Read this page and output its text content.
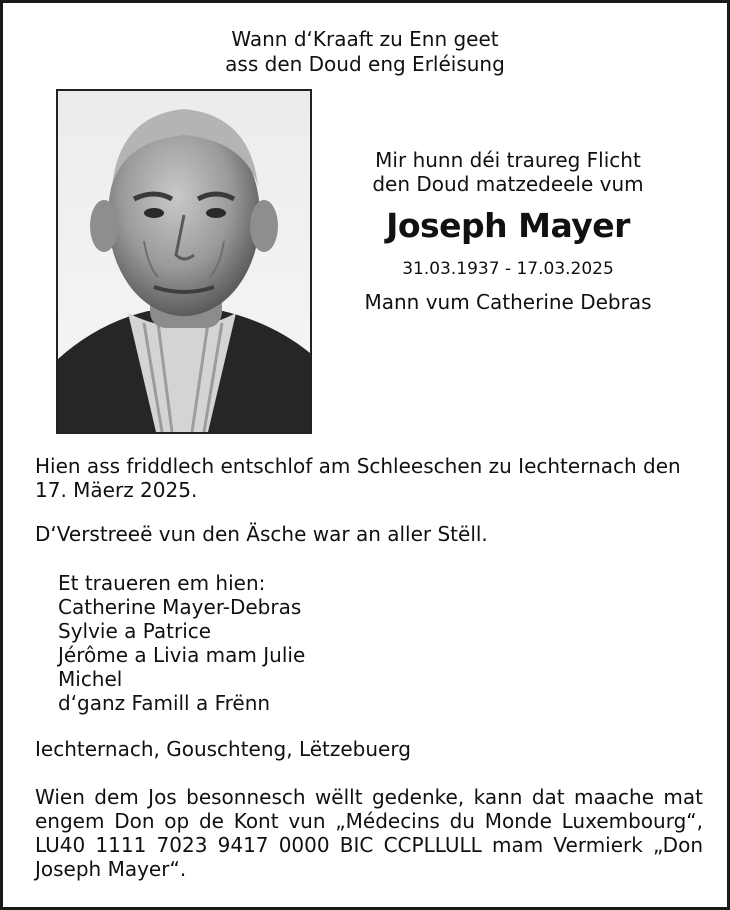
Wann d‘Kraaft zu Enn geet
ass den Doud eng Erléisung
Mir hunn déi traureg Flicht
den Doud matzedeele vum
Joseph Mayer
31.03.1937 - 17.03.2025
Mann vum Catherine Debras
Hien ass friddlech entschlof am Schleeschen zu Iechternach den 17. Mäerz 2025.
D‘Verstreeë vun den Äsche war an aller Stëll.
Et traueren em hien:
Catherine Mayer-Debras
Sylvie a Patrice
Jérôme a Livia mam Julie
Michel
d‘ganz Famill a Frënn
Iechternach, Gouschteng, Lëtzebuerg
Wien dem Jos besonnesch wëllt gedenke, kann dat maache mat engem Don op de Kont vun „Médecins du Monde Luxembourg“, LU40 1111 7023 9417 0000 BIC CCPLLULL mam Vermierk „Don Joseph Mayer“.
